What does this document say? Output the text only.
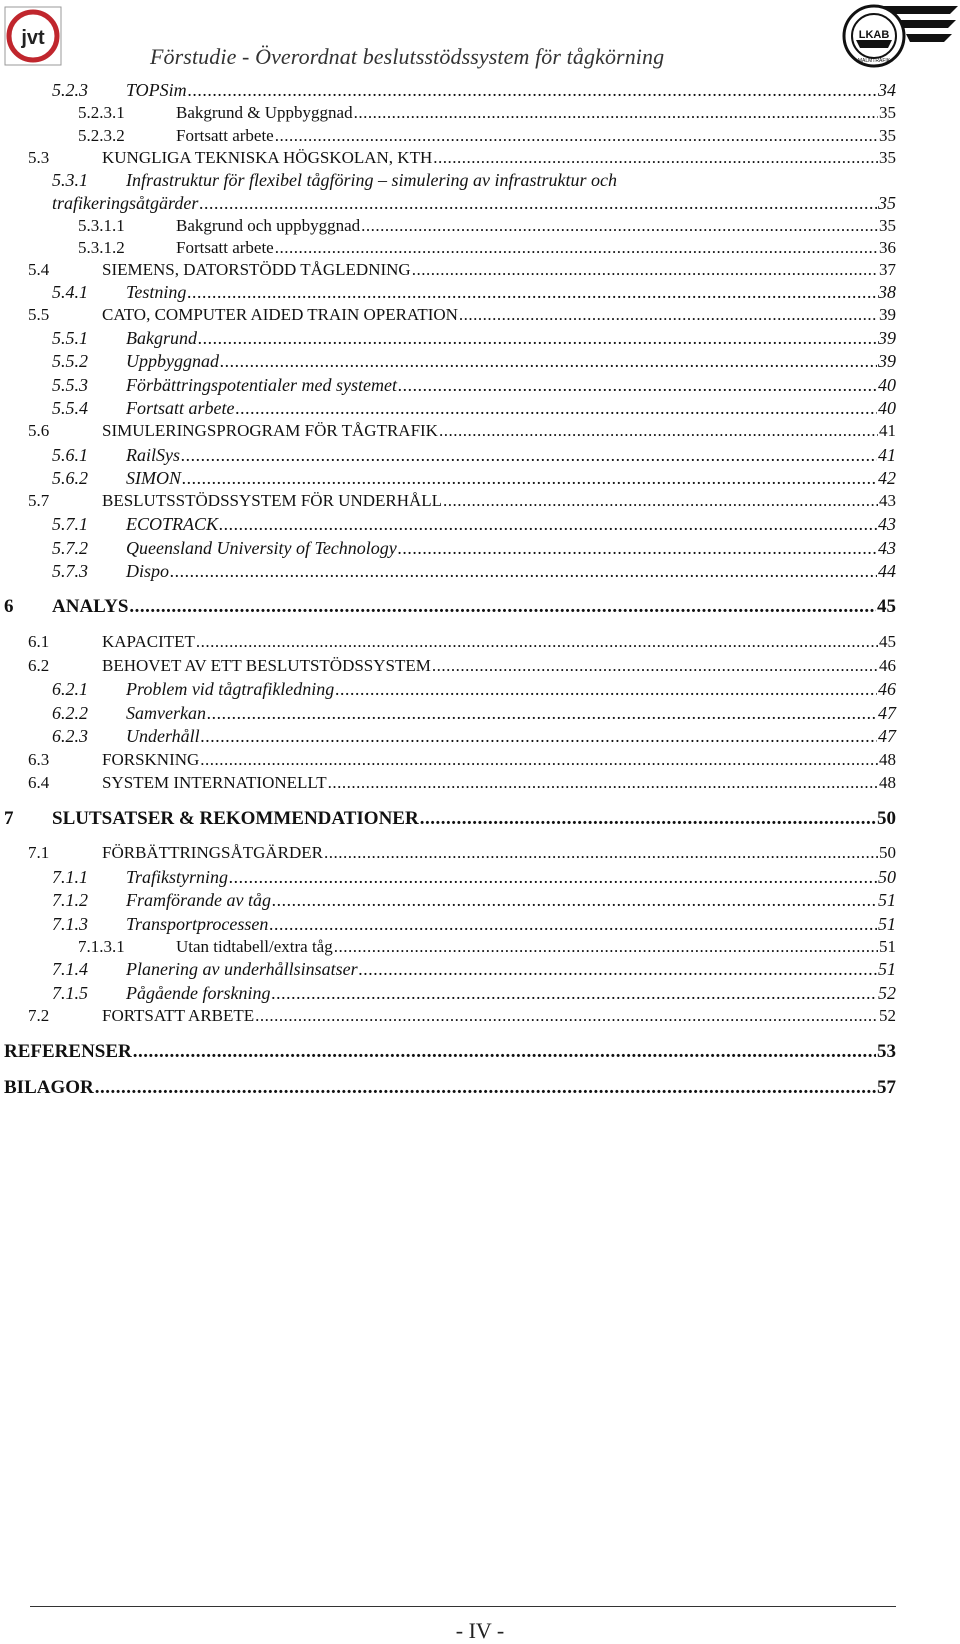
jvt
Förstudie - Överordnat beslutsstödssystem för tågkörning
LKAB
MALMTRAFIK
5.2.3	TOPSim .....	34
5.2.3.1	Bakgrund & Uppbyggnad .....	35
5.2.3.2	Fortsatt arbete .....	35
5.3	KUNGLIGA TEKNISKA HÖGSKOLAN, KTH .....	35
5.3.1	Infrastruktur för flexibel tågföring – simulering av infrastruktur och
trafikeringsåtgärder .....	35
5.3.1.1	Bakgrund och uppbyggnad .....	35
5.3.1.2	Fortsatt arbete .....	36
5.4	SIEMENS, DATORSTÖDD TÅGLEDNING .....	37
5.4.1	Testning .....	38
5.5	CATO, COMPUTER AIDED TRAIN OPERATION .....	39
5.5.1	Bakgrund .....	39
5.5.2	Uppbyggnad .....	39
5.5.3	Förbättringspotentialer med systemet .....	40
5.5.4	Fortsatt arbete .....	40
5.6	SIMULERINGSPROGRAM FÖR TÅGTRAFIK .....	41
5.6.1	RailSys .....	41
5.6.2	SIMON .....	42
5.7	BESLUTSSTÖDSSYSTEM FÖR UNDERHÅLL .....	43
5.7.1	ECOTRACK .....	43
5.7.2	Queensland University of Technology .....	43
5.7.3	Dispo .....	44
6	ANALYS .....	45
6.1	KAPACITET .....	45
6.2	BEHOVET AV ETT BESLUTSTÖDSSYSTEM .....	46
6.2.1	Problem vid tågtrafikledning .....	46
6.2.2	Samverkan .....	47
6.2.3	Underhåll .....	47
6.3	FORSKNING .....	48
6.4	SYSTEM INTERNATIONELLT .....	48
7	SLUTSATSER & REKOMMENDATIONER .....	50
7.1	FÖRBÄTTRINGSÅTGÄRDER .....	50
7.1.1	Trafikstyrning .....	50
7.1.2	Framförande av tåg .....	51
7.1.3	Transportprocessen .....	51
7.1.3.1	Utan tidtabell/extra tåg .....	51
7.1.4	Planering av underhållsinsatser .....	51
7.1.5	Pågående forskning .....	52
7.2	FORTSATT ARBETE .....	52
REFERENSER .....	53
BILAGOR .....	57
- IV -
